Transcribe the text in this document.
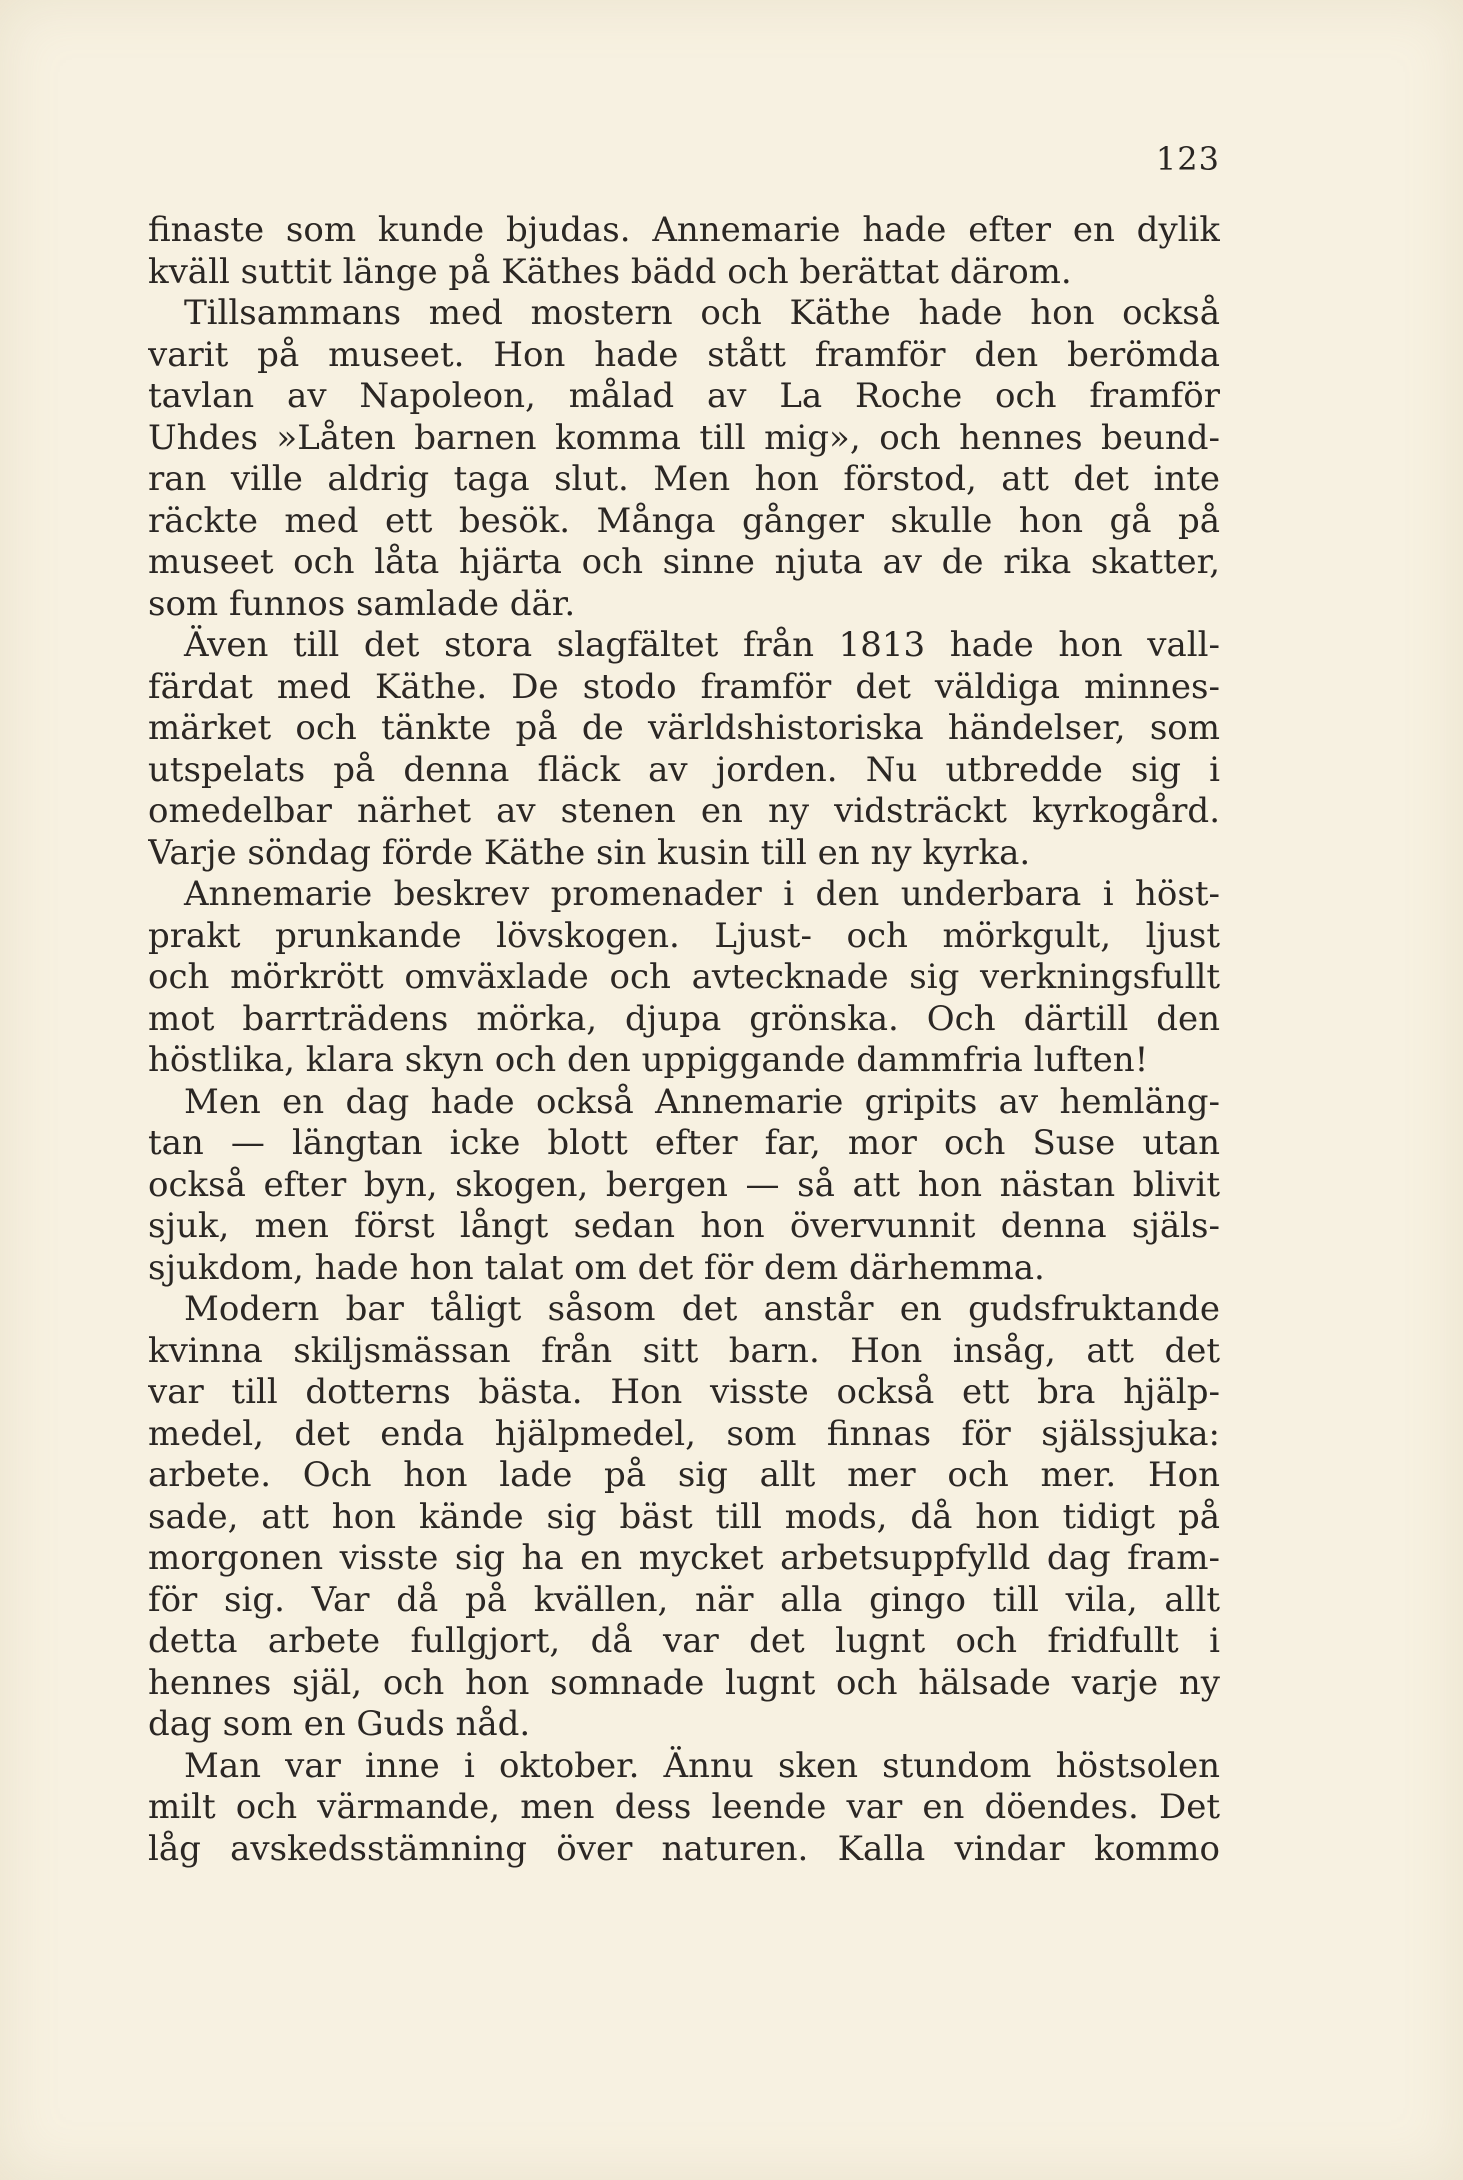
123
finaste som kunde bjudas. Annemarie hade efter en dylik
kväll suttit länge på Käthes bädd och berättat därom.
Tillsammans med mostern och Käthe hade hon också
varit på museet. Hon hade stått framför den berömda
tavlan av Napoleon, målad av La Roche och framför
Uhdes »Låten barnen komma till mig», och hennes beund-
ran ville aldrig taga slut. Men hon förstod, att det inte
räckte med ett besök. Många gånger skulle hon gå på
museet och låta hjärta och sinne njuta av de rika skatter,
som funnos samlade där.
Även till det stora slagfältet från 1813 hade hon vall-
färdat med Käthe. De stodo framför det väldiga minnes-
märket och tänkte på de världshistoriska händelser, som
utspelats på denna fläck av jorden. Nu utbredde sig i
omedelbar närhet av stenen en ny vidsträckt kyrkogård.
Varje söndag förde Käthe sin kusin till en ny kyrka.
Annemarie beskrev promenader i den underbara i höst-
prakt prunkande lövskogen. Ljust- och mörkgult, ljust
och mörkrött omväxlade och avtecknade sig verkningsfullt
mot barrträdens mörka, djupa grönska. Och därtill den
höstlika, klara skyn och den uppiggande dammfria luften!
Men en dag hade också Annemarie gripits av hemläng-
tan — längtan icke blott efter far, mor och Suse utan
också efter byn, skogen, bergen — så att hon nästan blivit
sjuk, men först långt sedan hon övervunnit denna själs-
sjukdom, hade hon talat om det för dem därhemma.
Modern bar tåligt såsom det anstår en gudsfruktande
kvinna skiljsmässan från sitt barn. Hon insåg, att det
var till dotterns bästa. Hon visste också ett bra hjälp-
medel, det enda hjälpmedel, som finnas för själssjuka:
arbete. Och hon lade på sig allt mer och mer. Hon
sade, att hon kände sig bäst till mods, då hon tidigt på
morgonen visste sig ha en mycket arbetsuppfylld dag fram-
för sig. Var då på kvällen, när alla gingo till vila, allt
detta arbete fullgjort, då var det lugnt och fridfullt i
hennes själ, och hon somnade lugnt och hälsade varje ny
dag som en Guds nåd.
Man var inne i oktober. Ännu sken stundom höstsolen
milt och värmande, men dess leende var en döendes. Det
låg avskedsstämning över naturen. Kalla vindar kommo
